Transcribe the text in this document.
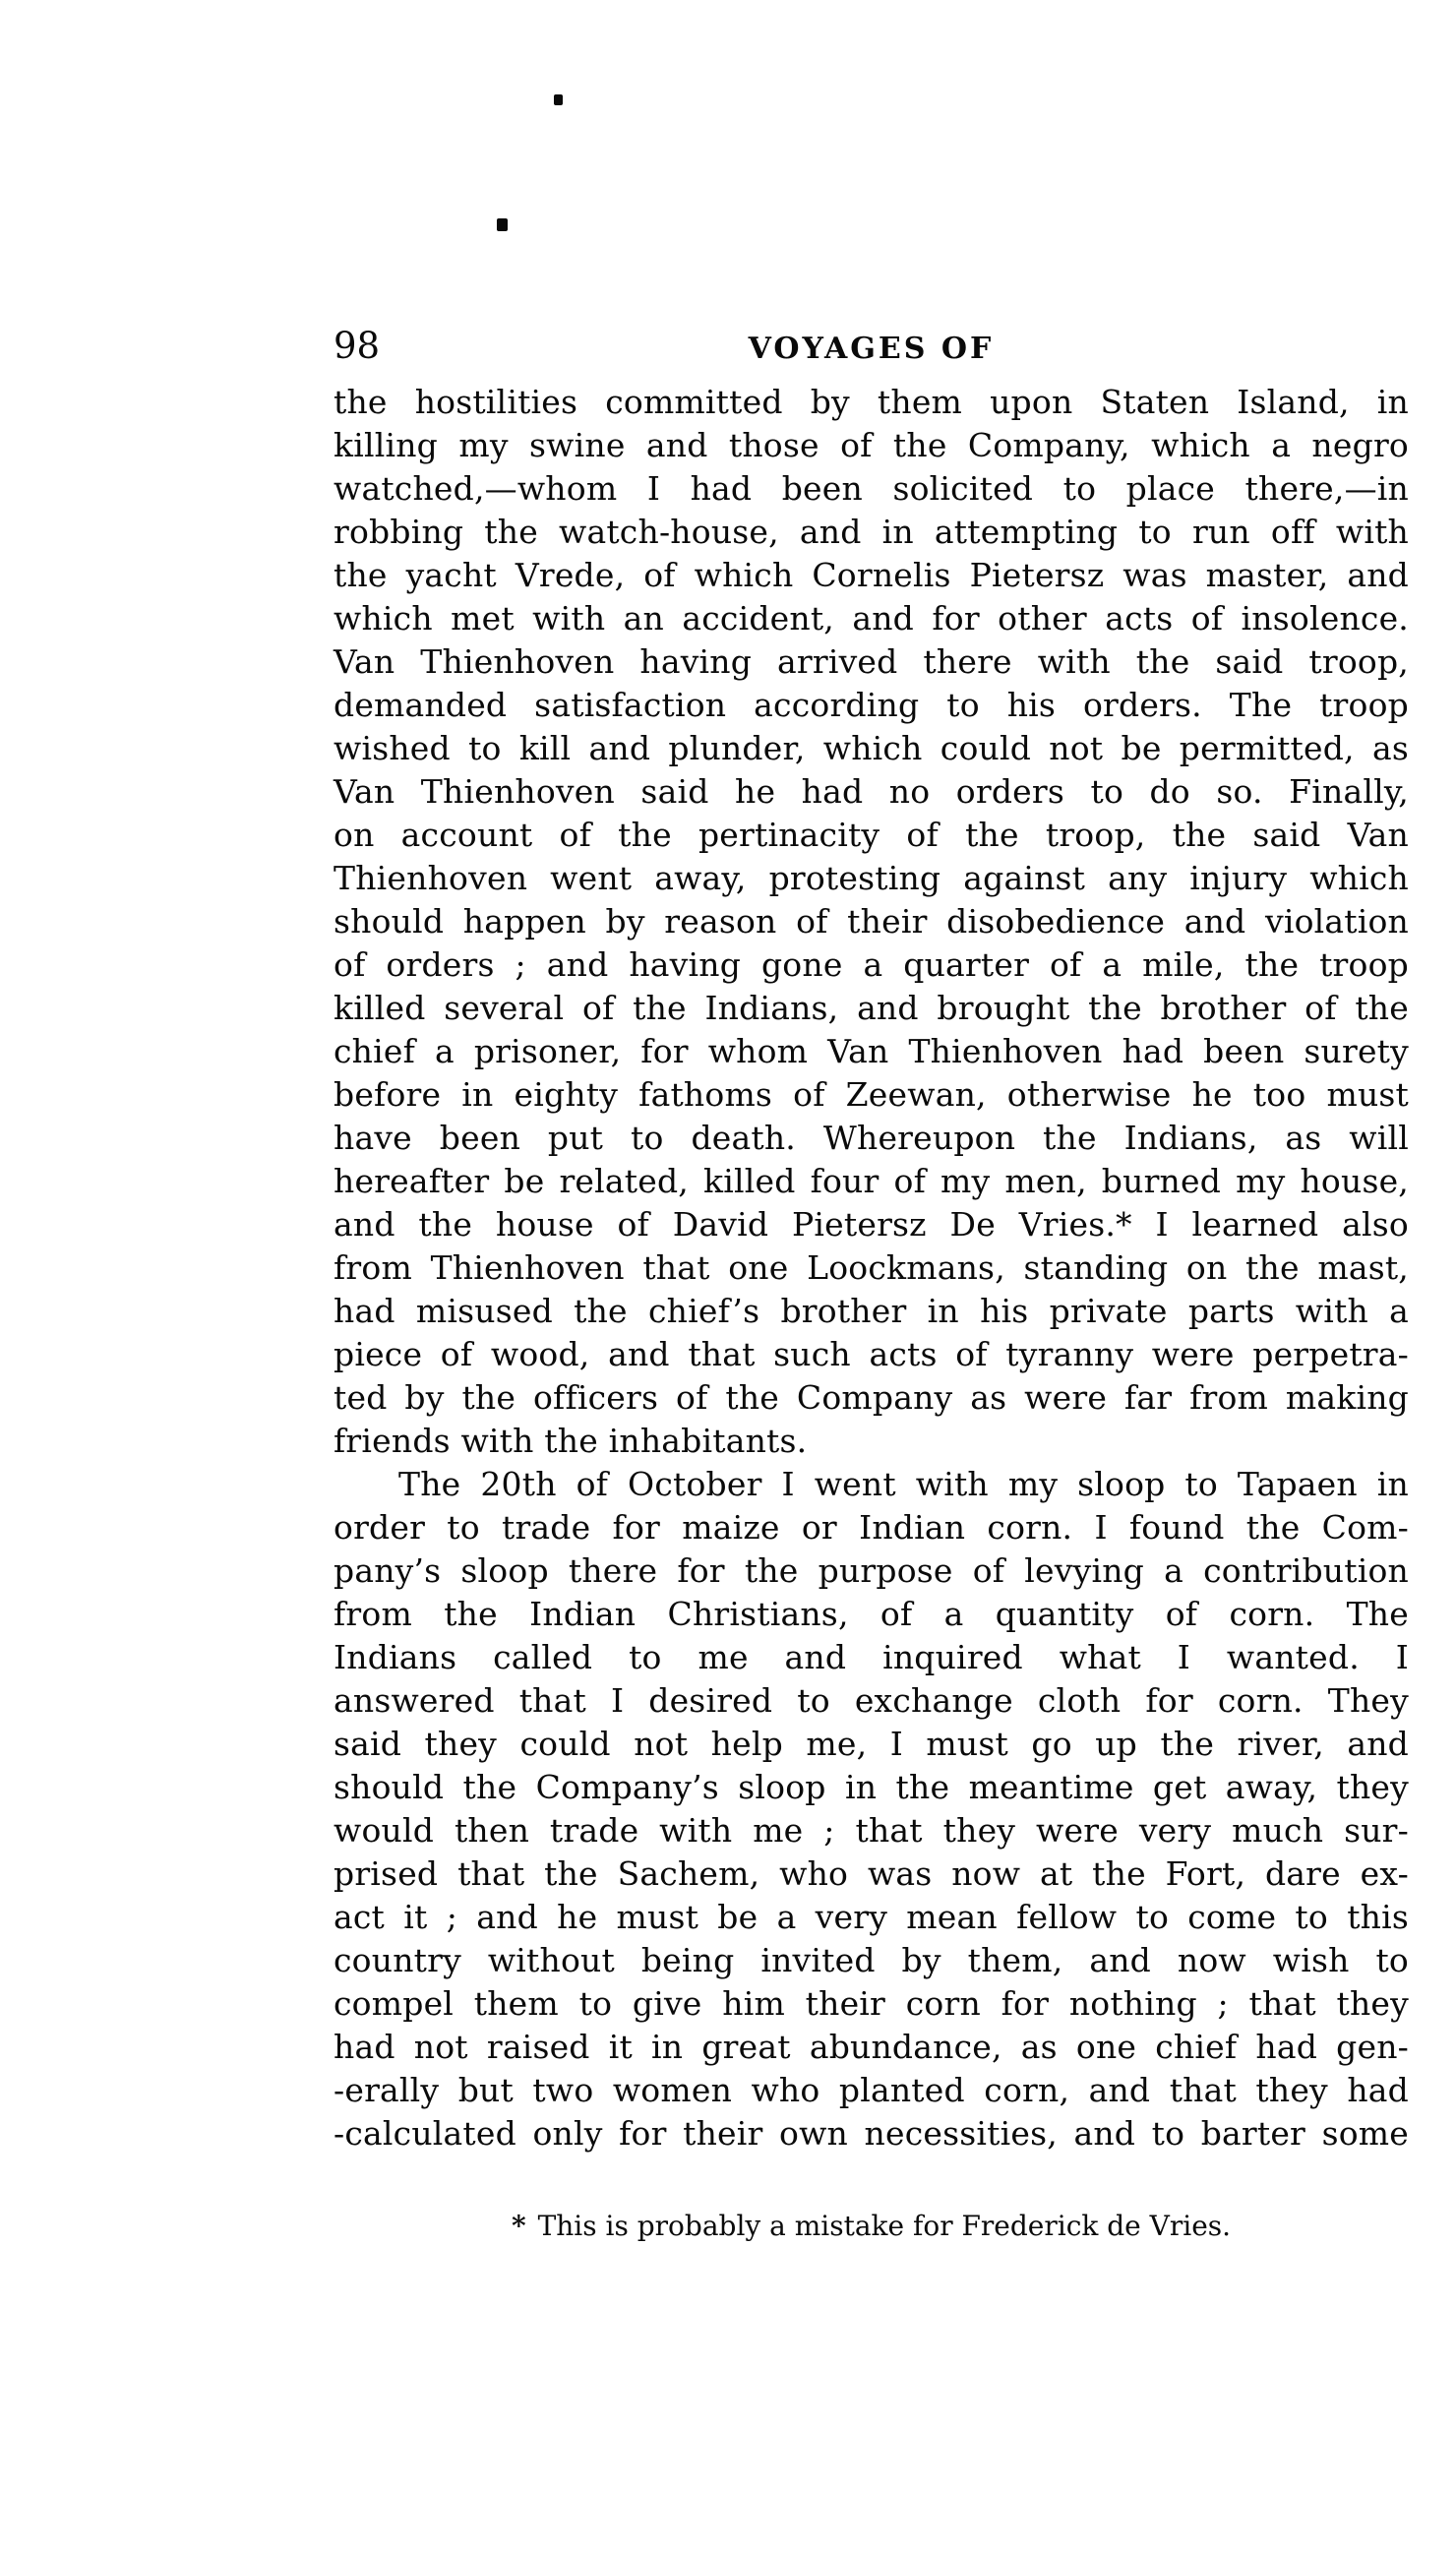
98	VOYAGES OF
the hostilities committed by them upon Staten Island, in
killing my swine and those of the Company, which a negro
watched,—whom I had been solicited to place there,—in
robbing the watch-house, and in attempting to run off with
the yacht Vrede, of which Cornelis Pietersz was master, and
which met with an accident, and for other acts of insolence.
Van Thienhoven having arrived there with the said troop,
demanded satisfaction according to his orders. The troop
wished to kill and plunder, which could not be permitted, as
Van Thienhoven said he had no orders to do so. Finally,
on account of the pertinacity of the troop, the said Van
Thienhoven went away, protesting against any injury which
should happen by reason of their disobedience and violation
of orders ; and having gone a quarter of a mile, the troop
killed several of the Indians, and brought the brother of the
chief a prisoner, for whom Van Thienhoven had been surety
before in eighty fathoms of Zeewan, otherwise he too must
have been put to death. Whereupon the Indians, as will
hereafter be related, killed four of my men, burned my house,
and the house of David Pietersz De Vries.* I learned also
from Thienhoven that one Loockmans, standing on the mast,
had misused the chief’s brother in his private parts with a
piece of wood, and that such acts of tyranny were perpetra-
ted by the officers of the Company as were far from making
friends with the inhabitants.
The 20th of October I went with my sloop to Tapaen in
order to trade for maize or Indian corn. I found the Com-
pany’s sloop there for the purpose of levying a contribution
from the Indian Christians, of a quantity of corn. The
Indians called to me and inquired what I wanted. I
answered that I desired to exchange cloth for corn. They
said they could not help me, I must go up the river, and
should the Company’s sloop in the meantime get away, they
would then trade with me ; that they were very much sur-
prised that the Sachem, who was now at the Fort, dare ex-
act it ; and he must be a very mean fellow to come to this
country without being invited by them, and now wish to
compel them to give him their corn for nothing ; that they
had not raised it in great abundance, as one chief had gen-
-erally but two women who planted corn, and that they had
-calculated only for their own necessities, and to barter some
* This is probably a mistake for Frederick de Vries.
